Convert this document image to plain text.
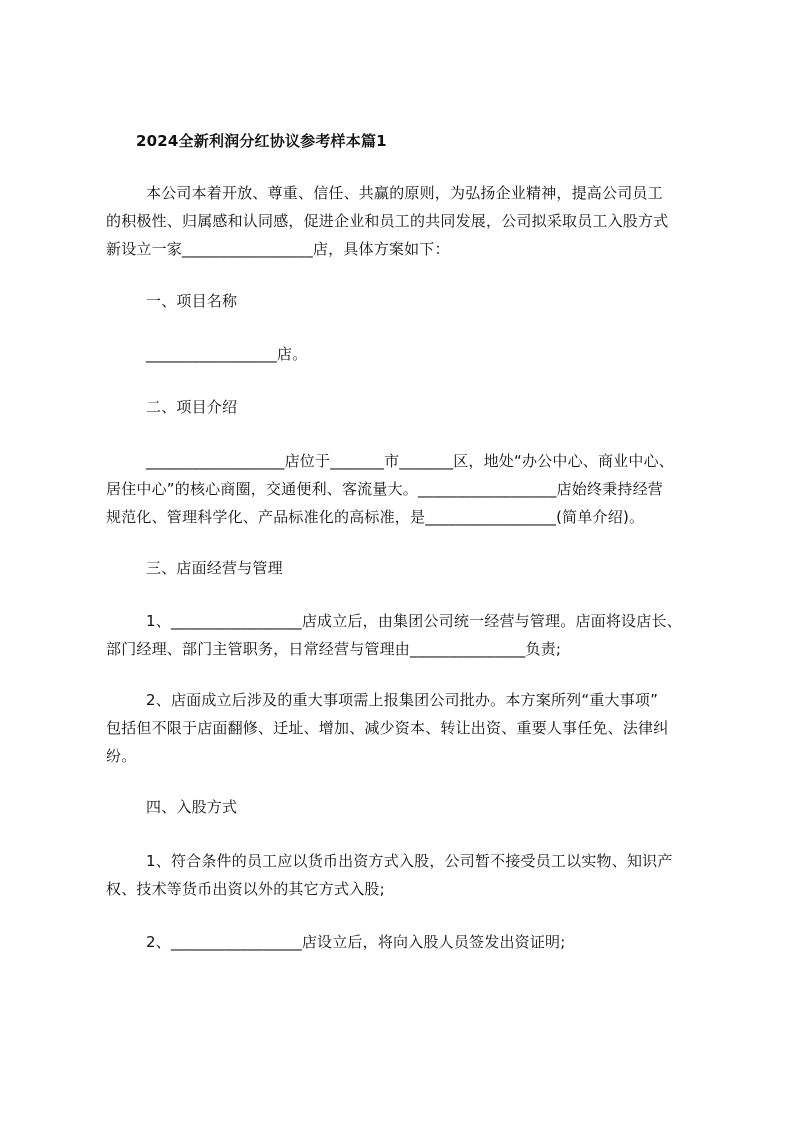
2024全新利润分红协议参考样本篇1
本公司本着开放、尊重、信任、共赢的原则，为弘扬企业精神，提高公司员工
的积极性、归属感和认同感，促进企业和员工的共同发展，公司拟采取员工入股方式
新设立一家_________________店，具体方案如下：
一、项目名称
_________________店。
二、项目介绍
__________________店位于_______市_______区，地处“办公中心、商业中心、
居住中心”的核心商圈，交通便利、客流量大。__________________店始终秉持经营
规范化、管理科学化、产品标准化的高标准，是_________________(简单介绍)。
三、店面经营与管理
1、_________________店成立后，由集团公司统一经营与管理。店面将设店长、
部门经理、部门主管职务，日常经营与管理由_______________负责;
2、店面成立后涉及的重大事项需上报集团公司批办。本方案所列“重大事项”
包括但不限于店面翻修、迁址、增加、减少资本、转让出资、重要人事任免、法律纠
纷。
四、入股方式
1、符合条件的员工应以货币出资方式入股，公司暂不接受员工以实物、知识产
权、技术等货币出资以外的其它方式入股;
2、_________________店设立后，将向入股人员签发出资证明;
